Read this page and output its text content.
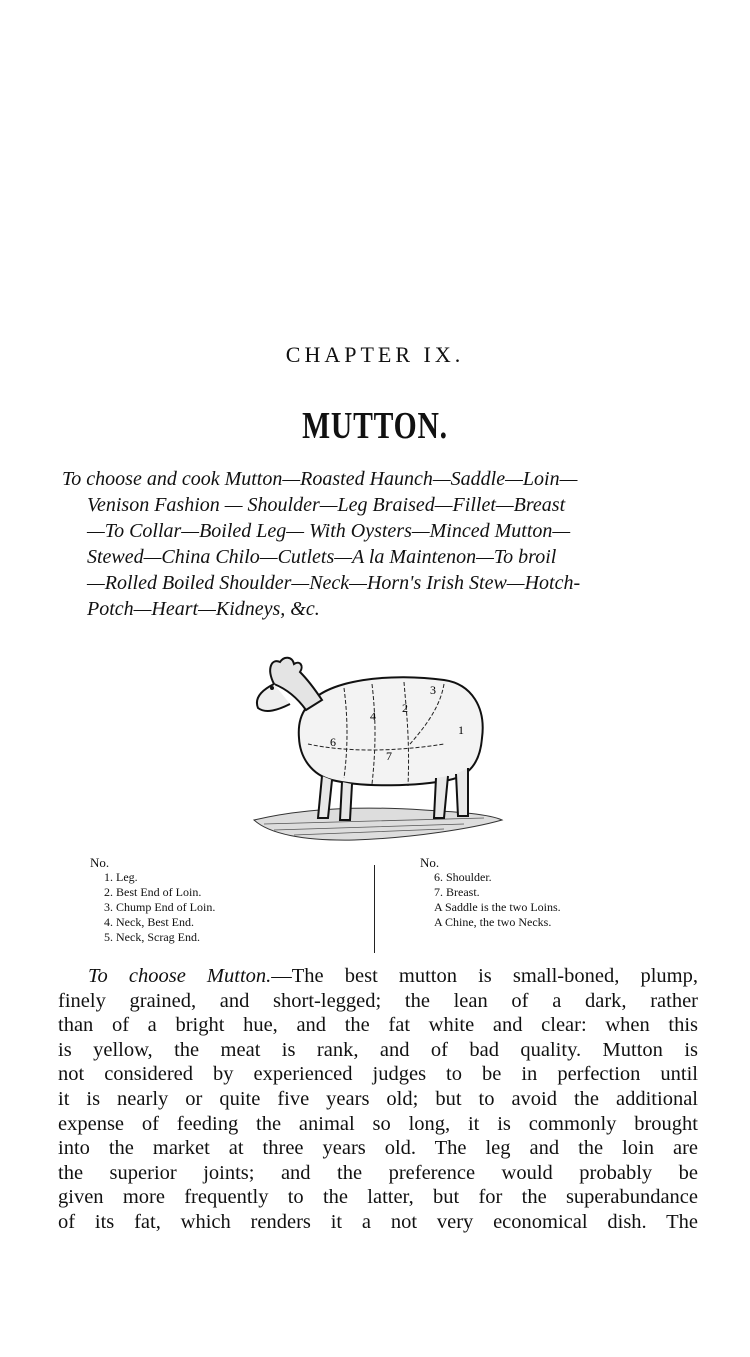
CHAPTER IX.
MUTTON.
To choose and cook Mutton—Roasted Haunch—Saddle—Loin—
Venison Fashion — Shoulder—Leg Braised—Fillet—Breast
—To Collar—Boiled Leg— With Oysters—Minced Mutton—
Stewed—China Chilo—Cutlets—A la Maintenon—To broil
—Rolled Boiled Shoulder—Neck—Horn's Irish Stew—Hotch-
Potch—Heart—Kidneys, &c.
6
4
2
3
1
7
No.
1. Leg.
2. Best End of Loin.
3. Chump End of Loin.
4. Neck, Best End.
5. Neck, Scrag End.
No.
6. Shoulder.
7. Breast.
A Saddle is the two Loins.
A Chine, the two Necks.
To choose Mutton.—The best mutton is small-boned, plump,
finely grained, and short-legged; the lean of a dark, rather
than of a bright hue, and the fat white and clear: when this
is yellow, the meat is rank, and of bad quality. Mutton is
not considered by experienced judges to be in perfection until
it is nearly or quite five years old; but to avoid the additional
expense of feeding the animal so long, it is commonly brought
into the market at three years old. The leg and the loin are
the superior joints; and the preference would probably be
given more frequently to the latter, but for the superabundance
of its fat, which renders it a not very economical dish. The
